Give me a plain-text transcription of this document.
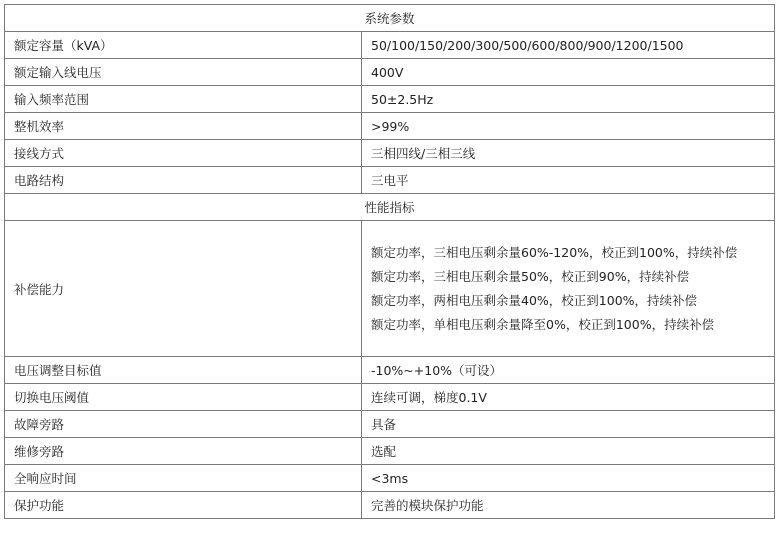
系统参数	
额定容量（kVA）	50/100/150/200/300/500/600/800/900/1200/1500
额定输入线电压	400V
输入频率范围	50±2.5Hz
整机效率	>99%
接线方式	三相四线/三相三线
电路结构	三电平
性能指标	
补偿能力	额定功率，三相电压剩余量60%-120%，校正到100%，持续补偿
额定功率，三相电压剩余量50%，校正到90%，持续补偿
额定功率，两相电压剩余量40%，校正到100%，持续补偿
额定功率，单相电压剩余量降至0%，校正到100%，持续补偿

电压调整目标值	-10%~+10%（可设）
切换电压阈值	连续可调，梯度0.1V
故障旁路	具备
维修旁路	选配
全响应时间	<3ms
保护功能	完善的模块保护功能
